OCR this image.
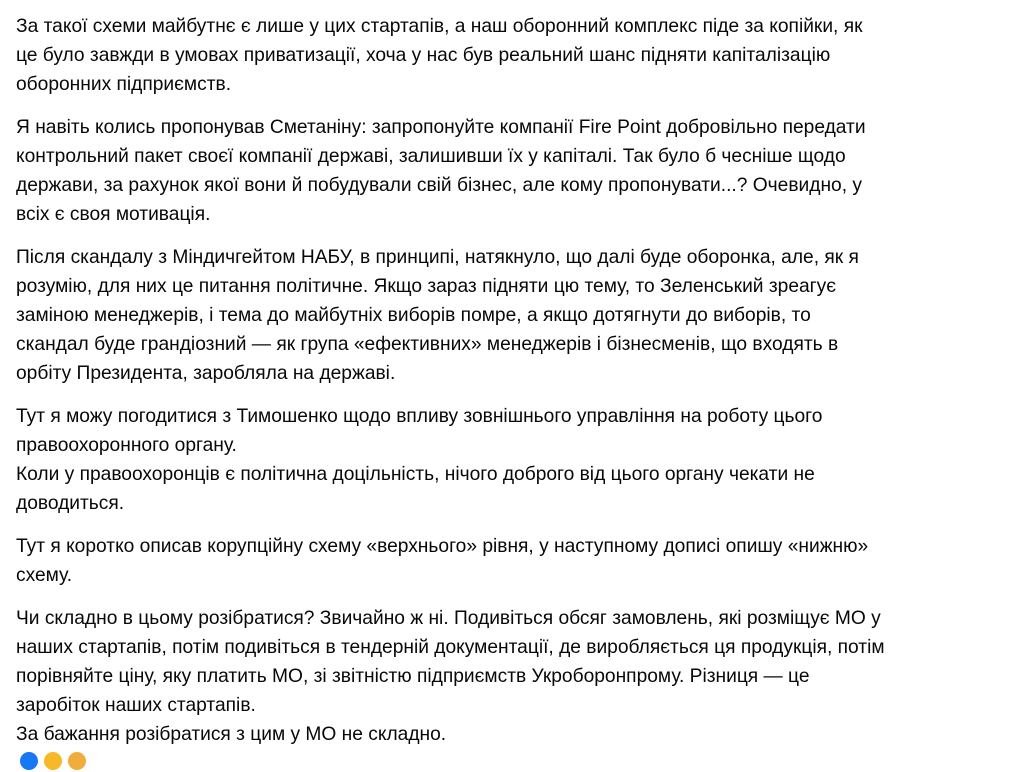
За такої схеми майбутнє є лише у цих стартапів, а наш оборонний комплекс піде за копійки, як
це було завжди в умовах приватизації, хоча у нас був реальний шанс підняти капіталізацію
оборонних підприємств.

Я навіть колись пропонував Сметаніну: запропонуйте компанії Fire Point добровільно передати
контрольний пакет своєї компанії державі, залишивши їх у капіталі. Так було б чесніше щодо
держави, за рахунок якої вони й побудували свій бізнес, але кому пропонувати...? Очевидно, у
всіх є своя мотивація.

Після скандалу з Міндичгейтом НАБУ, в принципі, натякнуло, що далі буде оборонка, але, як я
розумію, для них це питання політичне. Якщо зараз підняти цю тему, то Зеленський зреагує
заміною менеджерів, і тема до майбутніх виборів помре, а якщо дотягнути до виборів, то
скандал буде грандіозний — як група «ефективних» менеджерів і бізнесменів, що входять в
орбіту Президента, заробляла на державі.

Тут я можу погодитися з Тимошенко щодо впливу зовнішнього управління на роботу цього
правоохоронного органу.
Коли у правоохоронців є політична доцільність, нічого доброго від цього органу чекати не
доводиться.

Тут я коротко описав корупційну схему «верхнього» рівня, у наступному дописі опишу «нижню»
схему.

Чи складно в цьому розібратися? Звичайно ж ні. Подивіться обсяг замовлень, які розміщує МО у
наших стартапів, потім подивіться в тендерній документації, де виробляється ця продукція, потім
порівняйте ціну, яку платить МО, зі звітністю підприємств Укроборонпрому. Різниця — це
заробіток наших стартапів.
За бажання розібратися з цим у МО не складно.
